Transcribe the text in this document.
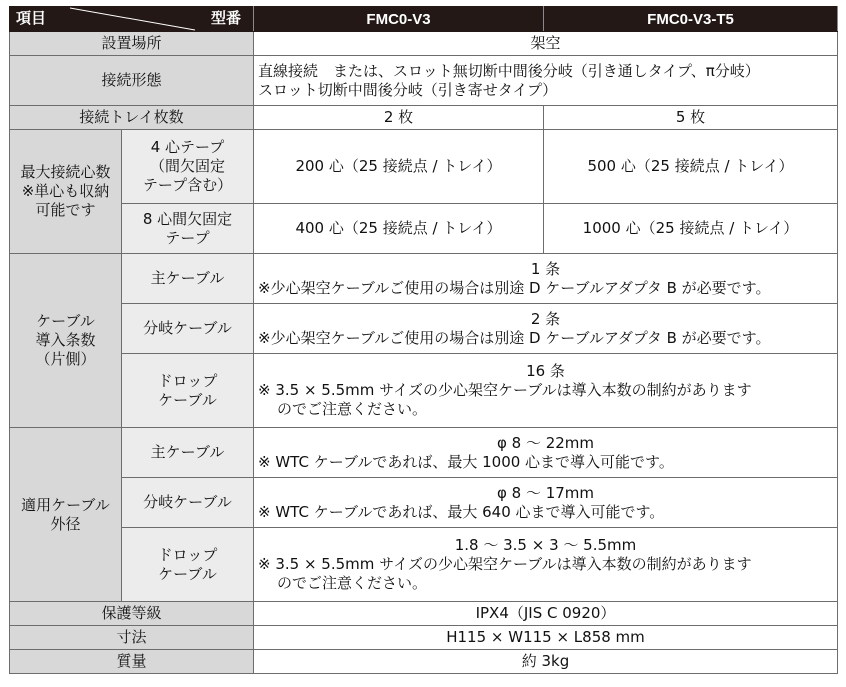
項目 型番		FMC0-V3	FMC0-V3-T5
設置場所		架空	
接続形態		直線接続　または、スロット無切断中間後分岐（引き通しタイプ、π分岐）
スロット切断中間後分岐（引き寄せタイプ）	

接続トレイ枚数		2 枚	5 枚

最大接続心数
※単心も収納
可能です	4 心テープ
（間欠固定
テープ含む）	200 心（25 接続点 / トレイ）	500 心（25 接続点 / トレイ）

	8 心間欠固定
テープ	400 心（25 接続点 / トレイ）	1000 心（25 接続点 / トレイ）

ケーブル
導入条数
（片側）	主ケーブル	1 条
※少心架空ケーブルご使用の場合は別途 D ケーブルアダプタ B が必要です。	

	分岐ケーブル	2 条
※少心架空ケーブルご使用の場合は別途 D ケーブルアダプタ B が必要です。	

	ドロップ
ケーブル	16 条
※ 3.5 × 5.5mm サイズの少心架空ケーブルは導入本数の制約があります
のでご注意ください。	

適用ケーブル
外径	主ケーブル	φ 8 〜 22mm
※ WTC ケーブルであれば、最大 1000 心まで導入可能です。	

	分岐ケーブル	φ 8 〜 17mm
※ WTC ケーブルであれば、最大 640 心まで導入可能です。	

	ドロップ
ケーブル	1.8 〜 3.5 × 3 〜 5.5mm
※ 3.5 × 5.5mm サイズの少心架空ケーブルは導入本数の制約があります
のでご注意ください。	

保護等級		IPX4（JIS C 0920）	
寸法		H115 × W115 × L858 mm	
質量		約 3kg	
